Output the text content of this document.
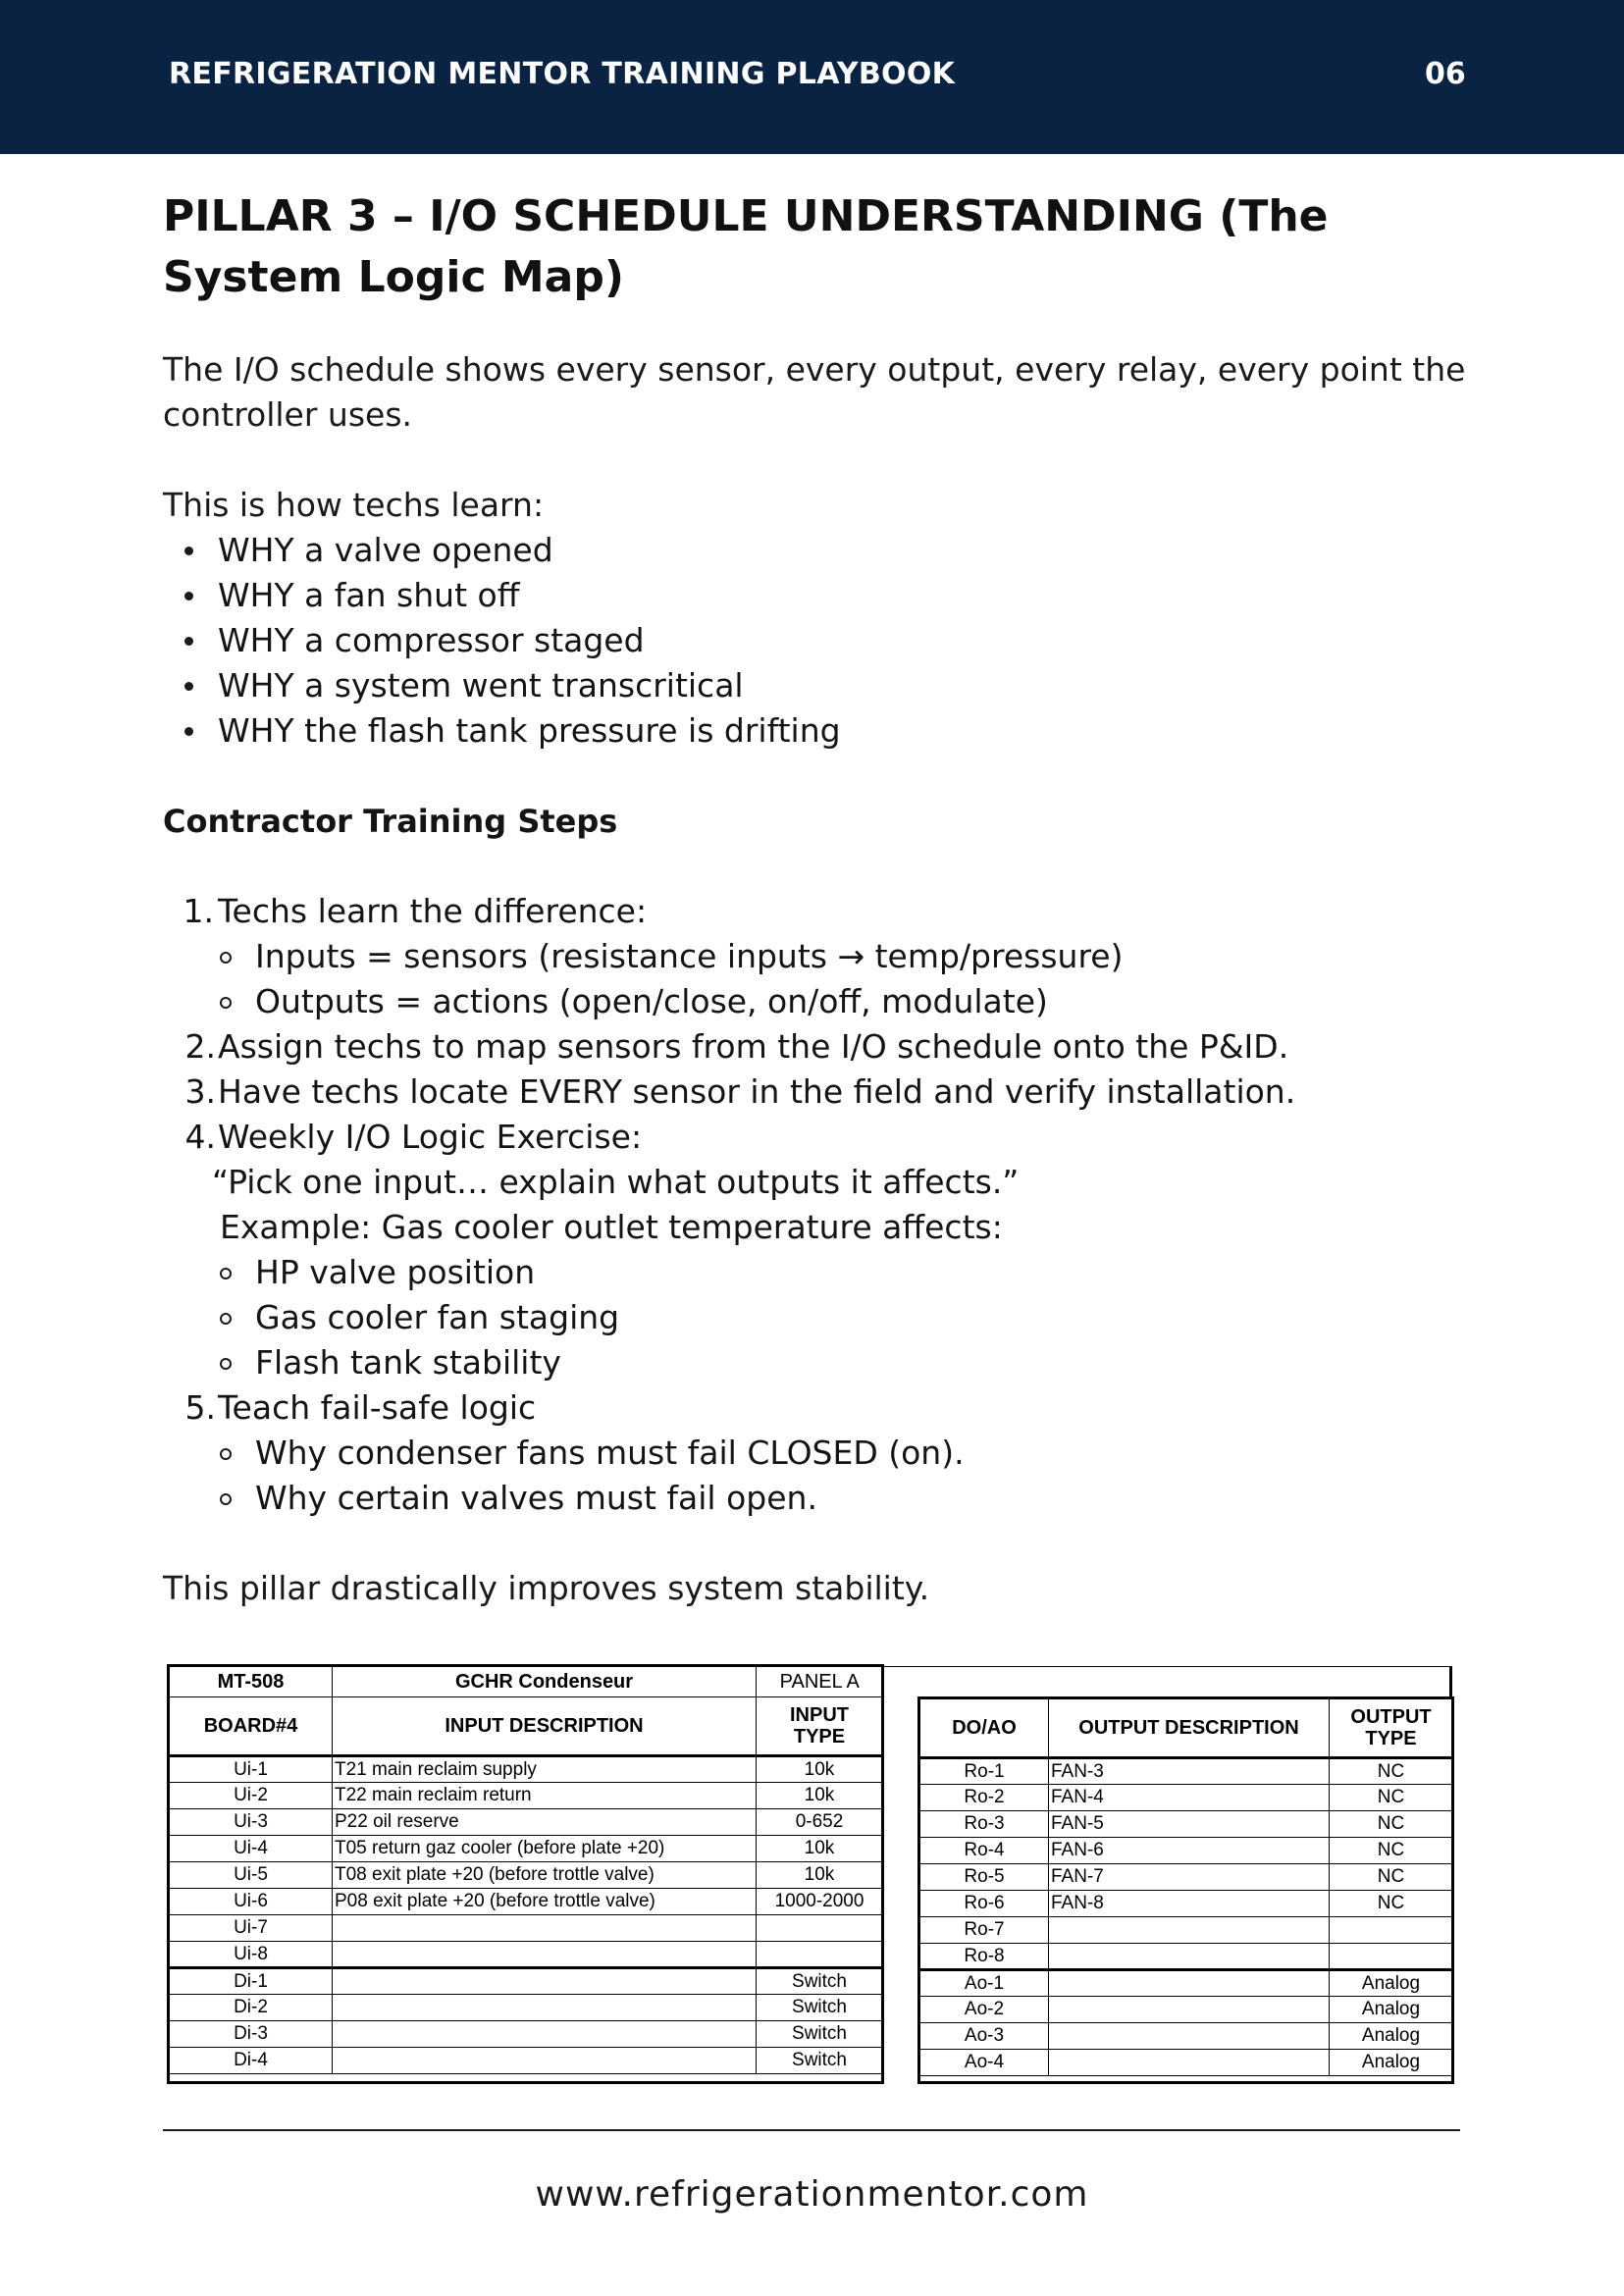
REFRIGERATION MENTOR TRAINING PLAYBOOK	06
PILLAR 3 – I/O SCHEDULE UNDERSTANDING (The System Logic Map)

The I/O schedule shows every sensor, every output, every relay, every point the controller uses.

This is how techs learn:

WHY a valve opened
WHY a fan shut off
WHY a compressor staged
WHY a system went transcritical
WHY the flash tank pressure is drifting
Contractor Training Steps
1. Techs learn the difference:
Inputs = sensors (resistance inputs → temp/pressure)
Outputs = actions (open/close, on/off, modulate)
2. Assign techs to map sensors from the I/O schedule onto the P&ID.
3. Have techs locate EVERY sensor in the field and verify installation.
4. Weekly I/O Logic Exercise:
“Pick one input… explain what outputs it affects.”
Example: Gas cooler outlet temperature affects:
HP valve position
Gas cooler fan staging
Flash tank stability
5. Teach fail-safe logic
Why condenser fans must fail CLOSED (on).
Why certain valves must fail open.

This pillar drastically improves system stability.

MT-508	GCHR Condenseur	PANEL A
BOARD#4	INPUT DESCRIPTION	INPUT
TYPE
Ui-1	T21 main reclaim supply	10k
Ui-2	T22 main reclaim return	10k
Ui-3	P22 oil reserve	0-652
Ui-4	T05 return gaz cooler (before plate +20)	10k
Ui-5	T08 exit plate +20 (before trottle valve)	10k
Ui-6	P08 exit plate +20 (before trottle valve)	1000-2000
Ui-7		
Ui-8		
Di-1		Switch
Di-2		Switch
Di-3		Switch
Di-4		Switch
DO/AO	OUTPUT DESCRIPTION	OUTPUT
TYPE
Ro-1	FAN-3	NC
Ro-2	FAN-4	NC
Ro-3	FAN-5	NC
Ro-4	FAN-6	NC
Ro-5	FAN-7	NC
Ro-6	FAN-8	NC
Ro-7		
Ro-8		
Ao-1		Analog
Ao-2		Analog
Ao-3		Analog
Ao-4		Analog
www.refrigerationmentor.com
